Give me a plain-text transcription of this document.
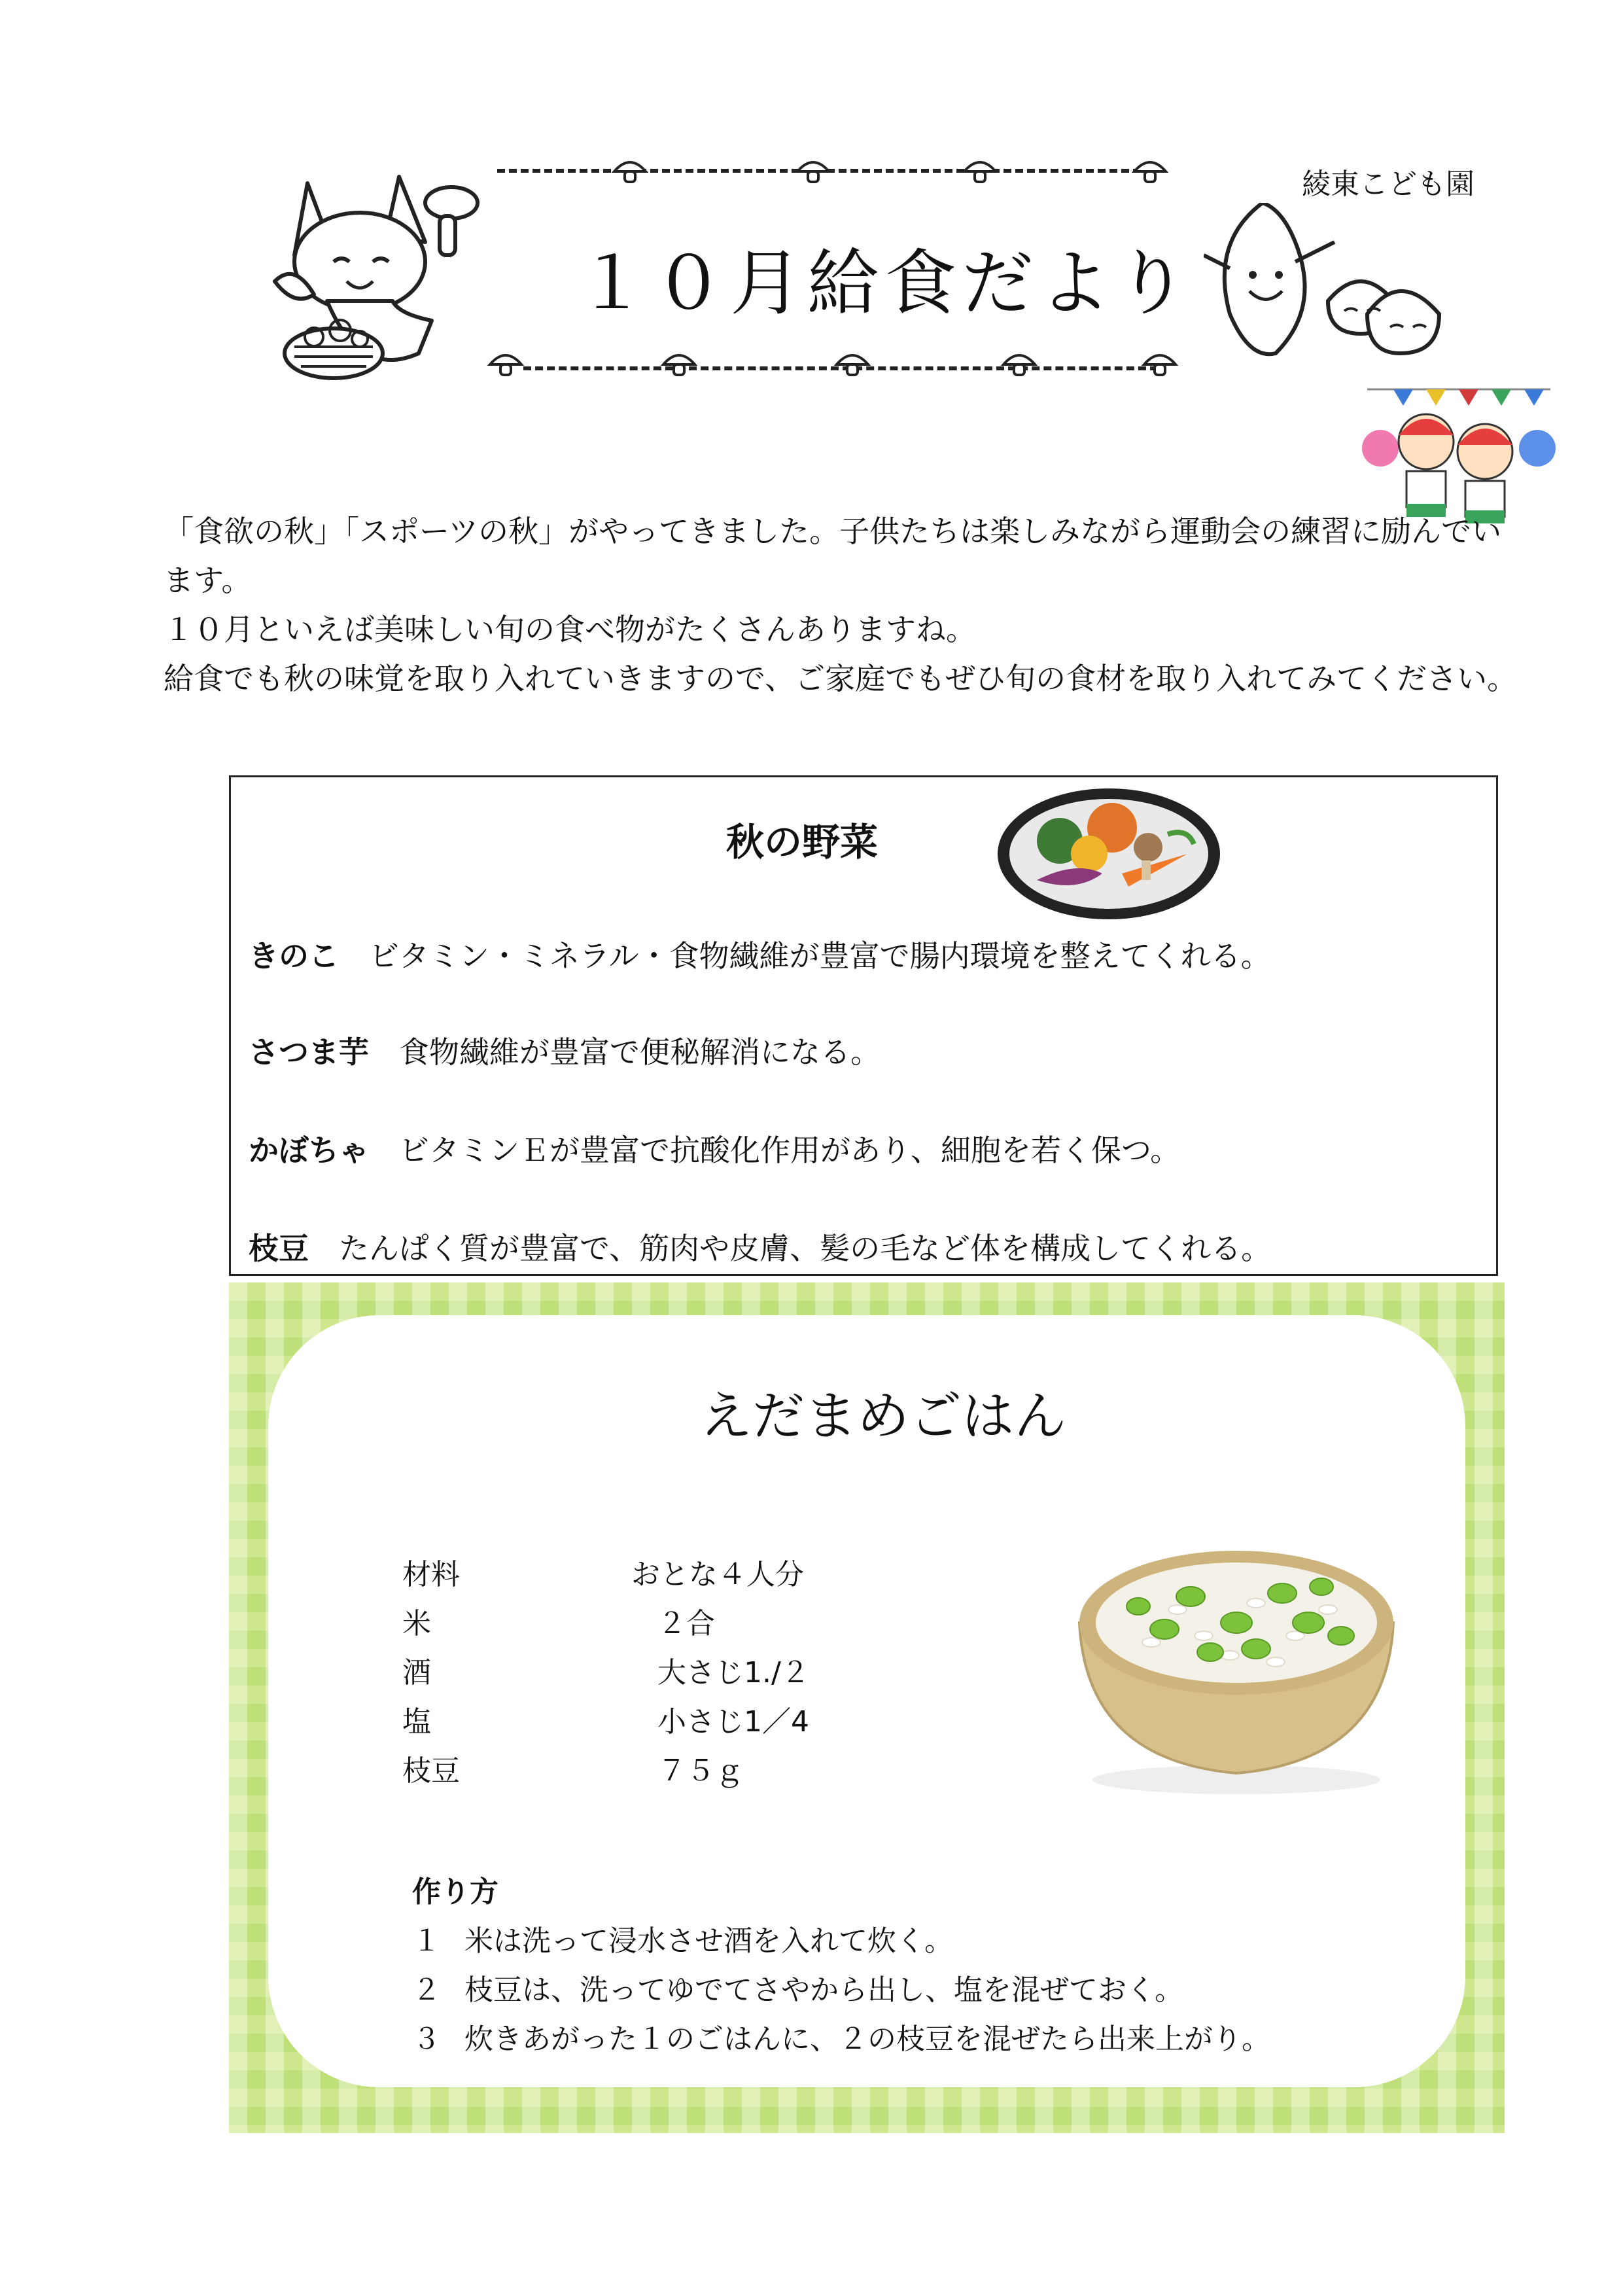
綾東こども園
１０月給食だより

「食欲の秋」「スポーツの秋」がやってきました。子供たちは楽しみながら運動会の練習に励んでいます。

１０月といえば美味しい旬の食べ物がたくさんありますね。

給食でも秋の味覚を取り入れていきますので、ご家庭でもぜひ旬の食材を取り入れてみてください。

秋の野菜
きのこ ビタミン・ミネラル・食物繊維が豊富で腸内環境を整えてくれる。
さつま芋 食物繊維が豊富で便秘解消になる。
かぼちゃ ビタミンＥが豊富で抗酸化作用があり、細胞を若く保つ。
枝豆 たんぱく質が豊富で、筋肉や皮膚、髪の毛など体を構成してくれる。
えだまめごはん
材料	おとな４人分
米	２合
酒	大さじ1./２
塩	小さじ1／4
枝豆	７５ｇ
作り方
１ 米は洗って浸水させ酒を入れて炊く。
２ 枝豆は、洗ってゆでてさやから出し、塩を混ぜておく。
３ 炊きあがった１のごはんに、２の枝豆を混ぜたら出来上がり。
